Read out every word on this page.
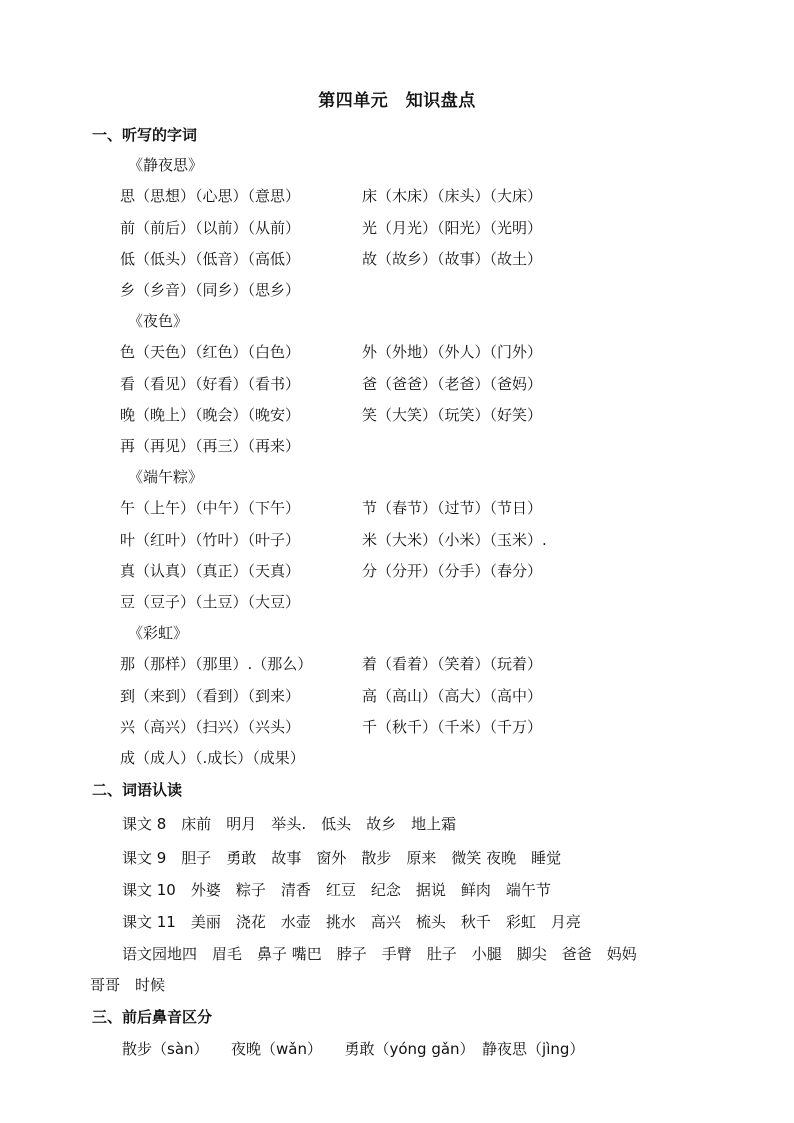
第四单元　知识盘点
一、听写的字词
《静夜思》
思（思想）（心思）（意思）	床（木床）（床头）（大床）
前（前后）（以前）（从前）	光（月光）（阳光）（光明）
低（低头）（低音）（高低）	故（故乡）（故事）（故土）
乡（乡音）（同乡）（思乡）
《夜色》
色（天色）（红色）（白色）	外（外地）（外人）（门外）
看（看见）（好看）（看书）	爸（爸爸）（老爸）（爸妈）
晚（晚上）（晚会）（晚安）	笑（大笑）（玩笑）（好笑）
再（再见）（再三）（再来）
《端午粽》
午（上午）（中午）（下午）	节（春节）（过节）（节日）
叶（红叶）（竹叶）（叶子）	米（大米）（小米）（玉米）.
真（认真）（真正）（天真）	分（分开）（分手）（春分）
豆（豆子）（土豆）（大豆）
《彩虹》
那（那样）（那里）.（那么）	着（看着）（笑着）（玩着）
到（来到）（看到）（到来）	高（高山）（高大）（高中）
兴（高兴）（扫兴）（兴头）	千（秋千）（千米）（千万）
成（成人）（.成长）（成果）
二、词语认读
课文 8　床前　明月　举头.　低头　故乡　地上霜
课文 9　胆子　勇敢　故事　窗外　散步　原来　微笑 夜晚　睡觉
课文 10　外婆　粽子　清香　红豆　纪念　据说　鲜肉　端午节
课文 11　美丽　浇花　水壶　挑水　高兴　梳头　秋千　彩虹　月亮
语文园地四　眉毛　鼻子 嘴巴　脖子　手臂　肚子　小腿　脚尖　爸爸　妈妈
哥哥　时候
三、前后鼻音区分
散步（sàn）　　夜晚（wǎn）　　勇敢（yóng gǎn）　静夜思（jìng）
